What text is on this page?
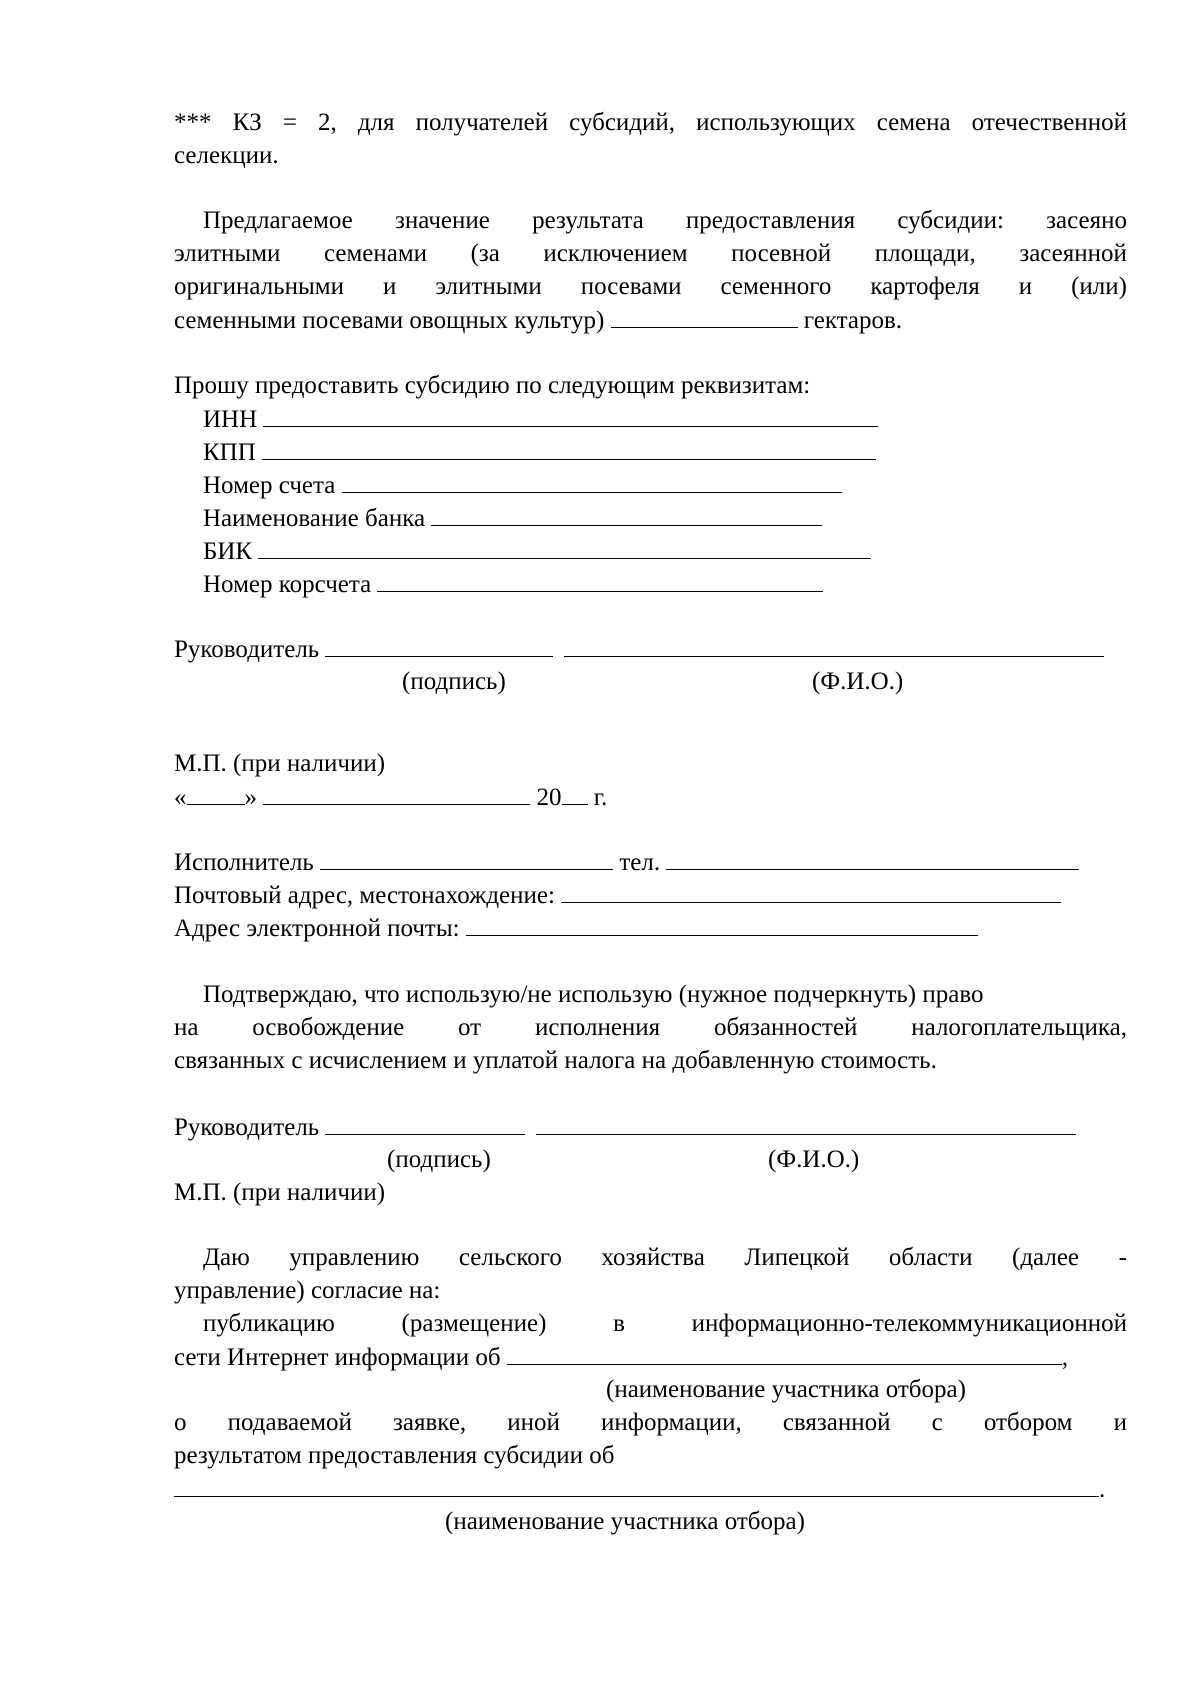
*** КЗ = 2, для получателей субсидий, использующих семена отечественной
селекции.
Предлагаемое значение результата предоставления субсидии: засеяно
элитными семенами (за исключением посевной площади, засеянной
оригинальными и элитными посевами семенного картофеля и (или)
семенными посевами овощных культур)	гектаров.
Прошу предоставить субсидию по следующим реквизитам:
ИНН
КПП
Номер счета
Наименование банка
БИК
Номер корсчета
Руководитель
(подпись)	(Ф.И.О.)
М.П. (при наличии)
« »	20 г.
Исполнитель	тел.
Почтовый адрес, местонахождение:
Адрес электронной почты:
Подтверждаю, что использую/не использую (нужное подчеркнуть) право
на освобождение от исполнения обязанностей налогоплательщика,
связанных с исчислением и уплатой налога на добавленную стоимость.
Руководитель
(подпись)	(Ф.И.О.)
М.П. (при наличии)
Даю управлению сельского хозяйства Липецкой области (далее -
управление) согласие на:
публикацию	(размещение)	в	информационно-телекоммуникационной
сети Интернет информации об	,
(наименование участника отбора)
о подаваемой заявке, иной информации, связанной с отбором и
результатом предоставления субсидии об
.
(наименование участника отбора)
